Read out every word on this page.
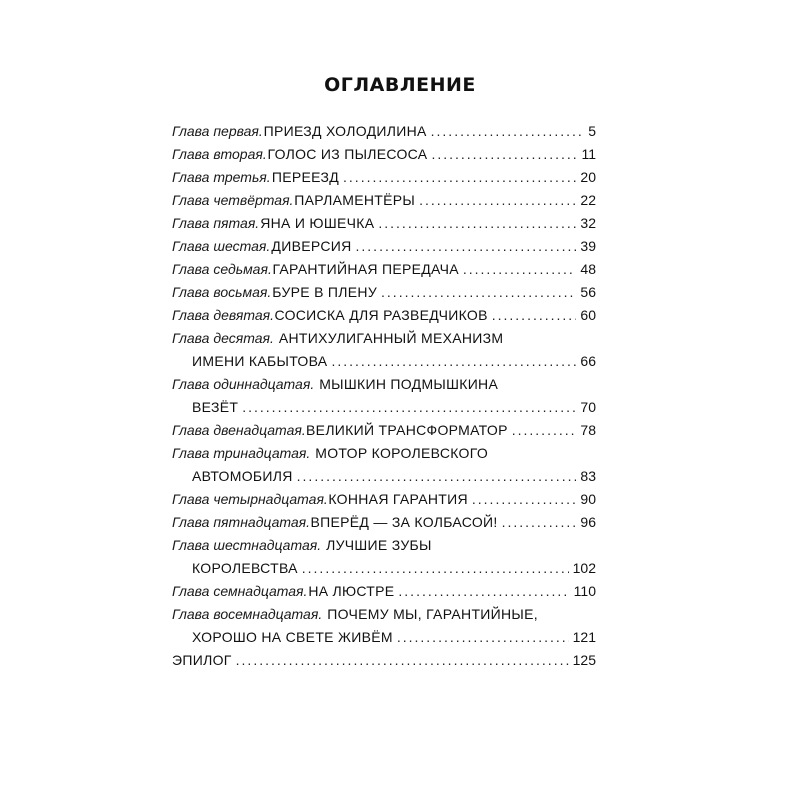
ОГЛАВЛЕНИЕ
Глава первая. ПРИЕЗД ХОЛОДИЛИНА .....	5
Глава вторая. ГОЛОС ИЗ ПЫЛЕСОСА .....	11
Глава третья. ПЕРЕЕЗД .....	20
Глава четвёртая. ПАРЛАМЕНТЁРЫ .....	22
Глава пятая. ЯНА И ЮШЕЧКА .....	32
Глава шестая. ДИВЕРСИЯ .....	39
Глава седьмая. ГАРАНТИЙНАЯ ПЕРЕДАЧА .....	48
Глава восьмая. БУРЕ В ПЛЕНУ .....	56
Глава девятая. СОСИСКА ДЛЯ РАЗВЕДЧИКОВ .....	60
Глава десятая. АНТИХУЛИГАННЫЙ МЕХАНИЗМ
ИМЕНИ КАБЫТОВА .....	66
Глава одиннадцатая. МЫШКИН ПОДМЫШКИНА
ВЕЗЁТ .....	70
Глава двенадцатая. ВЕЛИКИЙ ТРАНСФОРМАТОР .....	78
Глава тринадцатая. МОТОР КОРОЛЕВСКОГО
АВТОМОБИЛЯ .....	83
Глава четырнадцатая. КОННАЯ ГАРАНТИЯ .....	90
Глава пятнадцатая. ВПЕРЁД — ЗА КОЛБАСОЙ! .....	96
Глава шестнадцатая. ЛУЧШИЕ ЗУБЫ
КОРОЛЕВСТВА .....	102
Глава семнадцатая. НА ЛЮСТРЕ .....	110
Глава восемнадцатая. ПОЧЕМУ МЫ, ГАРАНТИЙНЫЕ,
ХОРОШО НА СВЕТЕ ЖИВЁМ .....	121
ЭПИЛОГ .....	125
